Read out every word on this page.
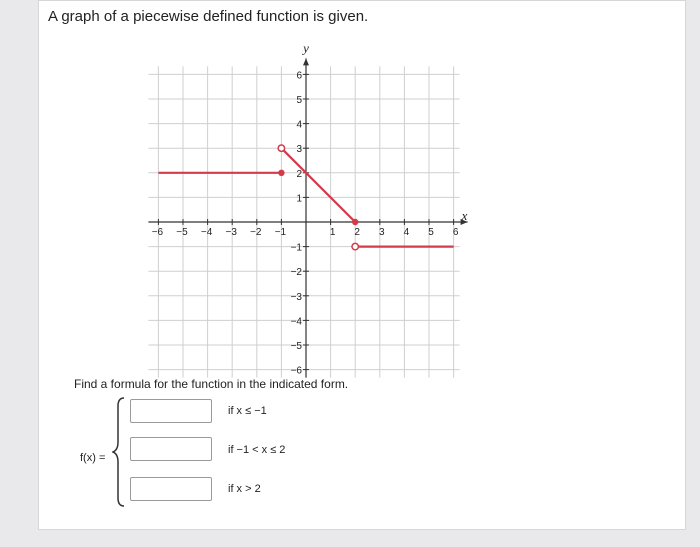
A graph of a piecewise defined function is given.
−6 −5 −4 −3 −2 −1	1 2 3 4 5 6
1
2
3
4
5
6
−1
−2
−3
−4
−5
−6
x
y
Find a formula for the function in the indicated form.
f(x) =
if x ≤ −1
if −1 < x ≤ 2
if x > 2
